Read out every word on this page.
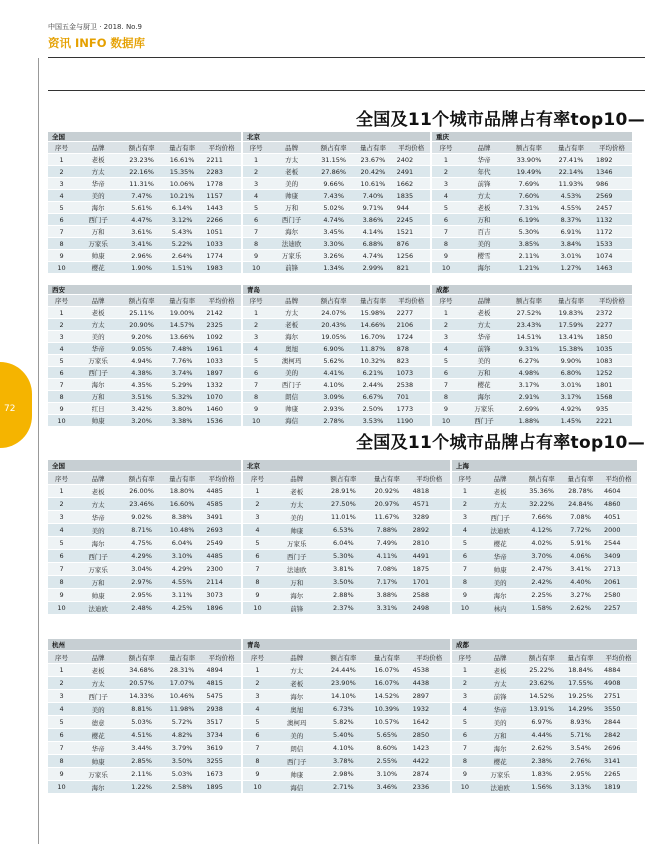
中国五金与厨卫 · 2018. No.9
资讯 INFO 数据库
72
全国及11个城市品牌占有率top10—
全国及11个城市品牌占有率top10—
全国
序号	品牌	额占有率	量占有率	平均价格
1	老板	23.23%	16.61%	2211
2	方太	22.16%	15.35%	2283
3	华帝	11.31%	10.06%	1778
4	美的	7.47%	10.21%	1157
5	海尔	5.61%	6.14%	1443
6	西门子	4.47%	3.12%	2266
7	万和	3.61%	5.43%	1051
8	万家乐	3.41%	5.22%	1033
9	帅康	2.96%	2.64%	1774
10	樱花	1.90%	1.51%	1983
北京
序号	品牌	额占有率	量占有率	平均价格
1	方太	31.15%	23.67%	2402
2	老板	27.86%	20.42%	2491
3	美的	9.66%	10.61%	1662
4	帅康	7.43%	7.40%	1835
5	万和	5.02%	9.71%	944
6	西门子	4.74%	3.86%	2245
7	海尔	3.45%	4.14%	1521
8	法迪欧	3.30%	6.88%	876
9	万家乐	3.26%	4.74%	1256
10	前锋	1.34%	2.99%	821
重庆
序号	品牌	额占有率	量占有率	平均价格
1	华帝	33.90%	27.41%	1892
2	年代	19.49%	22.14%	1346
3	前锋	7.69%	11.93%	986
4	方太	7.60%	4.53%	2569
5	老板	7.31%	4.55%	2457
6	万和	6.19%	8.37%	1132
7	百吉	5.30%	6.91%	1172
8	美的	3.85%	3.84%	1533
9	樱雪	2.11%	3.01%	1074
10	海尔	1.21%	1.27%	1463
西安
序号	品牌	额占有率	量占有率	平均价格
1	老板	25.11%	19.00%	2142
2	方太	20.90%	14.57%	2325
3	美的	9.20%	13.66%	1092
4	华帝	9.05%	7.48%	1961
5	万家乐	4.94%	7.76%	1033
6	西门子	4.38%	3.74%	1897
7	海尔	4.35%	5.29%	1332
8	万和	3.51%	5.32%	1070
9	红日	3.42%	3.80%	1460
10	帅康	3.20%	3.38%	1536
青岛
序号	品牌	额占有率	量占有率	平均价格
1	方太	24.07%	15.98%	2277
2	老板	20.43%	14.66%	2106
3	海尔	19.05%	16.70%	1724
4	奥旭	6.90%	11.87%	878
5	澳柯玛	5.62%	10.32%	823
6	美的	4.41%	6.21%	1073
7	西门子	4.10%	2.44%	2538
8	朗信	3.09%	6.67%	701
9	帅康	2.93%	2.50%	1773
10	海信	2.78%	3.53%	1190
成都
序号	品牌	额占有率	量占有率	平均价格
1	老板	27.52%	19.83%	2372
2	方太	23.43%	17.59%	2277
3	华帝	14.51%	13.41%	1850
4	前锋	9.31%	15.38%	1035
5	美的	6.27%	9.90%	1083
6	万和	4.98%	6.80%	1252
7	樱花	3.17%	3.01%	1801
8	海尔	2.91%	3.17%	1568
9	万家乐	2.69%	4.92%	935
10	西门子	1.88%	1.45%	2221
全国
序号	品牌	额占有率	量占有率	平均价格
1	老板	26.00%	18.80%	4485
2	方太	23.46%	16.60%	4585
3	华帝	9.02%	8.38%	3491
4	美的	8.71%	10.48%	2693
5	海尔	4.75%	6.04%	2549
6	西门子	4.29%	3.10%	4485
7	万家乐	3.04%	4.29%	2300
8	万和	2.97%	4.55%	2114
9	帅康	2.95%	3.11%	3073
10	法迪欧	2.48%	4.25%	1896
北京
序号	品牌	额占有率	量占有率	平均价格
1	老板	28.91%	20.92%	4818
2	方太	27.50%	20.97%	4571
3	美的	11.01%	11.67%	3289
4	帅康	6.53%	7.88%	2892
5	万家乐	6.04%	7.49%	2810
6	西门子	5.30%	4.11%	4491
7	法迪欧	3.81%	7.08%	1875
8	万和	3.50%	7.17%	1701
9	海尔	2.88%	3.88%	2588
10	前锋	2.37%	3.31%	2498
上海
序号	品牌	额占有率	量占有率	平均价格
1	老板	35.36%	28.78%	4604
2	方太	32.22%	24.84%	4860
3	西门子	7.66%	7.08%	4051
4	法迪欧	4.12%	7.72%	2000
5	樱花	4.02%	5.91%	2544
6	华帝	3.70%	4.06%	3409
7	帅康	2.47%	3.41%	2713
8	美的	2.42%	4.40%	2061
9	海尔	2.25%	3.27%	2580
10	林内	1.58%	2.62%	2257
杭州
序号	品牌	额占有率	量占有率	平均价格
1	老板	34.68%	28.31%	4894
2	方太	20.57%	17.07%	4815
3	西门子	14.33%	10.46%	5475
4	美的	8.81%	11.98%	2938
5	德意	5.03%	5.72%	3517
6	樱花	4.51%	4.82%	3734
7	华帝	3.44%	3.79%	3619
8	帅康	2.85%	3.50%	3255
9	万家乐	2.11%	5.03%	1673
10	海尔	1.22%	2.58%	1895
青岛
序号	品牌	额占有率	量占有率	平均价格
1	方太	24.44%	16.07%	4538
2	老板	23.90%	16.07%	4438
3	海尔	14.10%	14.52%	2897
4	奥旭	6.73%	10.39%	1932
5	澳柯玛	5.82%	10.57%	1642
6	美的	5.40%	5.65%	2850
7	朗信	4.10%	8.60%	1423
8	西门子	3.78%	2.55%	4422
9	帅康	2.98%	3.10%	2874
10	海信	2.71%	3.46%	2336
成都
序号	品牌	额占有率	量占有率	平均价格
1	老板	25.22%	18.84%	4884
2	方太	23.62%	17.55%	4908
3	前锋	14.52%	19.25%	2751
4	华帝	13.91%	14.29%	3550
5	美的	6.97%	8.93%	2844
6	万和	4.44%	5.71%	2842
7	海尔	2.62%	3.54%	2696
8	樱花	2.38%	2.76%	3141
9	万家乐	1.83%	2.95%	2265
10	法迪欧	1.56%	3.13%	1819
